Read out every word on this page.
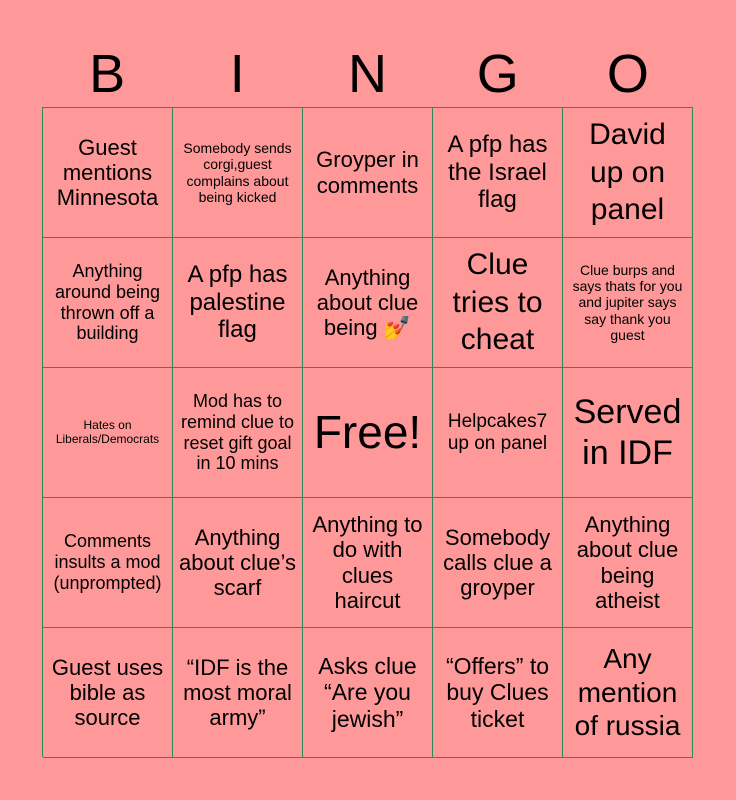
B	I	N	G	O
Guest mentions Minnesota
Somebody sends corgi,guest complains about being kicked
Groyper in comments
A pfp has the Israel flag
David up on panel
Anything around being thrown off a building
A pfp has palestine flag
Anything about clue being 💅
Clue tries to cheat
Clue burps and says thats for you and jupiter says say thank you guest
Hates on Liberals/Democrats
Mod has to remind clue to reset gift goal in 10 mins
Free!	Helpcakes7 up on panel
Served in IDF
Comments insults a mod (unprompted)
Anything about clue’s scarf
Anything to do with clues haircut
Somebody calls clue a groyper
Anything about clue being atheist
Guest uses bible as source
“IDF is the most moral army”
Asks clue “Are you jewish”
“Offers” to buy Clues ticket
Any mention of russia
